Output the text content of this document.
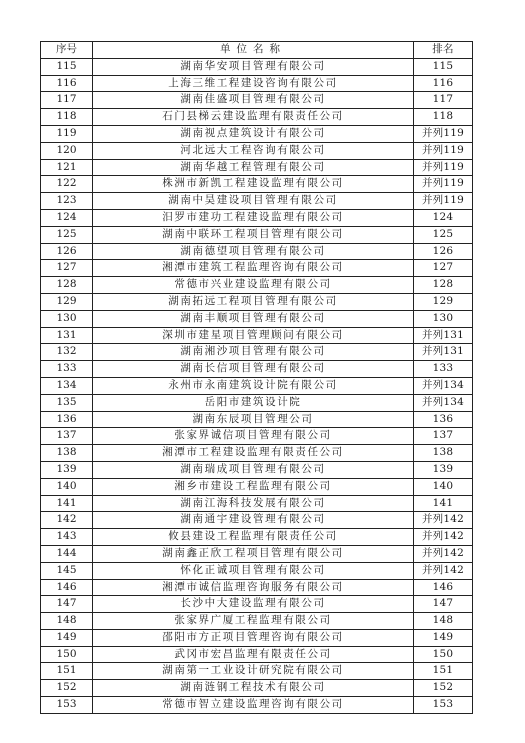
序号	单位名称	排名
115	湖南华安项目管理有限公司	115
116	上海三维工程建设咨询有限公司	116
117	湖南佳盛项目管理有限公司	117
118	石门县梯云建设监理有限责任公司	118
119	湖南视点建筑设计有限公司	并列119
120	河北远大工程咨询有限公司	并列119
121	湖南华越工程管理有限公司	并列119
122	株洲市新凯工程建设监理有限公司	并列119
123	湖南中昊建设项目管理有限公司	并列119
124	汨罗市建功工程建设监理有限公司	124
125	湖南中联环工程项目管理有限公司	125
126	湖南德望项目管理有限公司	126
127	湘潭市建筑工程监理咨询有限公司	127
128	常德市兴业建设监理有限公司	128
129	湖南拓远工程项目管理有限公司	129
130	湖南丰顺项目管理有限公司	130
131	深圳市建星项目管理顾问有限公司	并列131
132	湖南湘沙项目管理有限公司	并列131
133	湖南长信项目管理有限公司	133
134	永州市永南建筑设计院有限公司	并列134
135	岳阳市建筑设计院	并列134
136	湖南东辰项目管理公司	136
137	张家界诚信项目管理有限公司	137
138	湘潭市工程建设监理有限责任公司	138
139	湖南瑞成项目管理有限公司	139
140	湘乡市建设工程监理有限公司	140
141	湖南江海科技发展有限公司	141
142	湖南通宇建设管理有限公司	并列142
143	攸县建设工程监理有限责任公司	并列142
144	湖南鑫正欣工程项目管理有限公司	并列142
145	怀化正诚项目管理有限公司	并列142
146	湘潭市诚信监理咨询服务有限公司	146
147	长沙中大建设监理有限公司	147
148	张家界广厦工程监理有限公司	148
149	邵阳市方正项目管理咨询有限公司	149
150	武冈市宏昌监理有限责任公司	150
151	湖南第一工业设计研究院有限公司	151
152	湖南涟钢工程技术有限公司	152
153	常德市智立建设监理咨询有限公司	153
